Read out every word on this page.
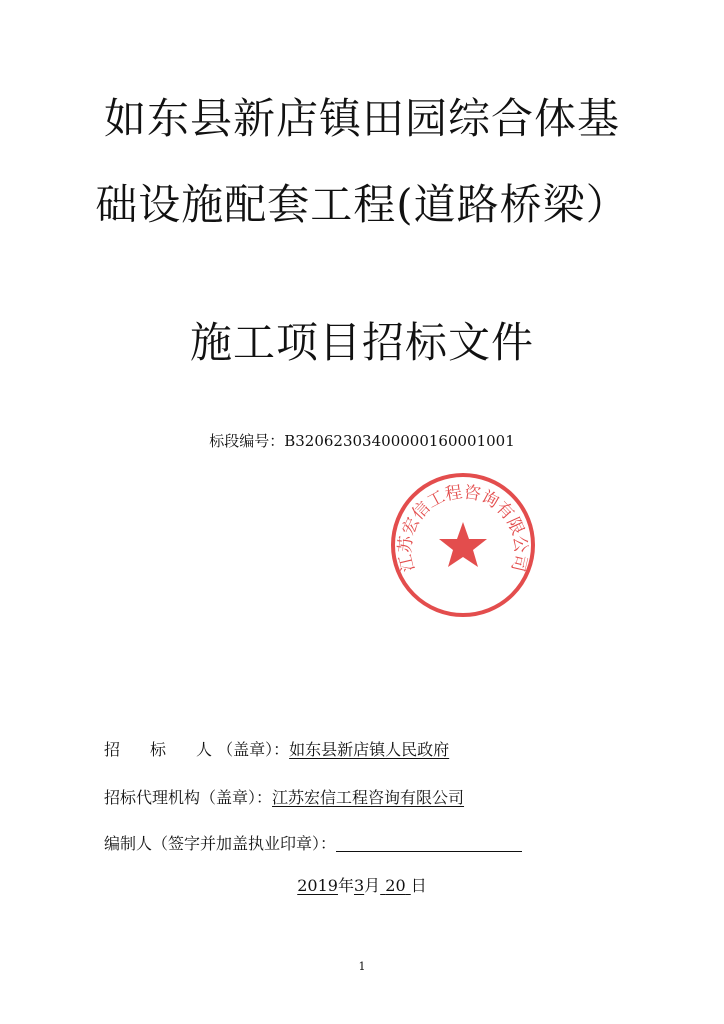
如东县新店镇田园综合体基
础设施配套工程(道路桥梁）
施工项目招标文件
标段编号：B32062303400000160001001
江苏宏信工程咨询有限公司
招 标 人 （盖章）：如东县新店镇人民政府
招标代理机构（盖章）：江苏宏信工程咨询有限公司
编制人（签字并加盖执业印章）：
2019年3月 20 日
1
